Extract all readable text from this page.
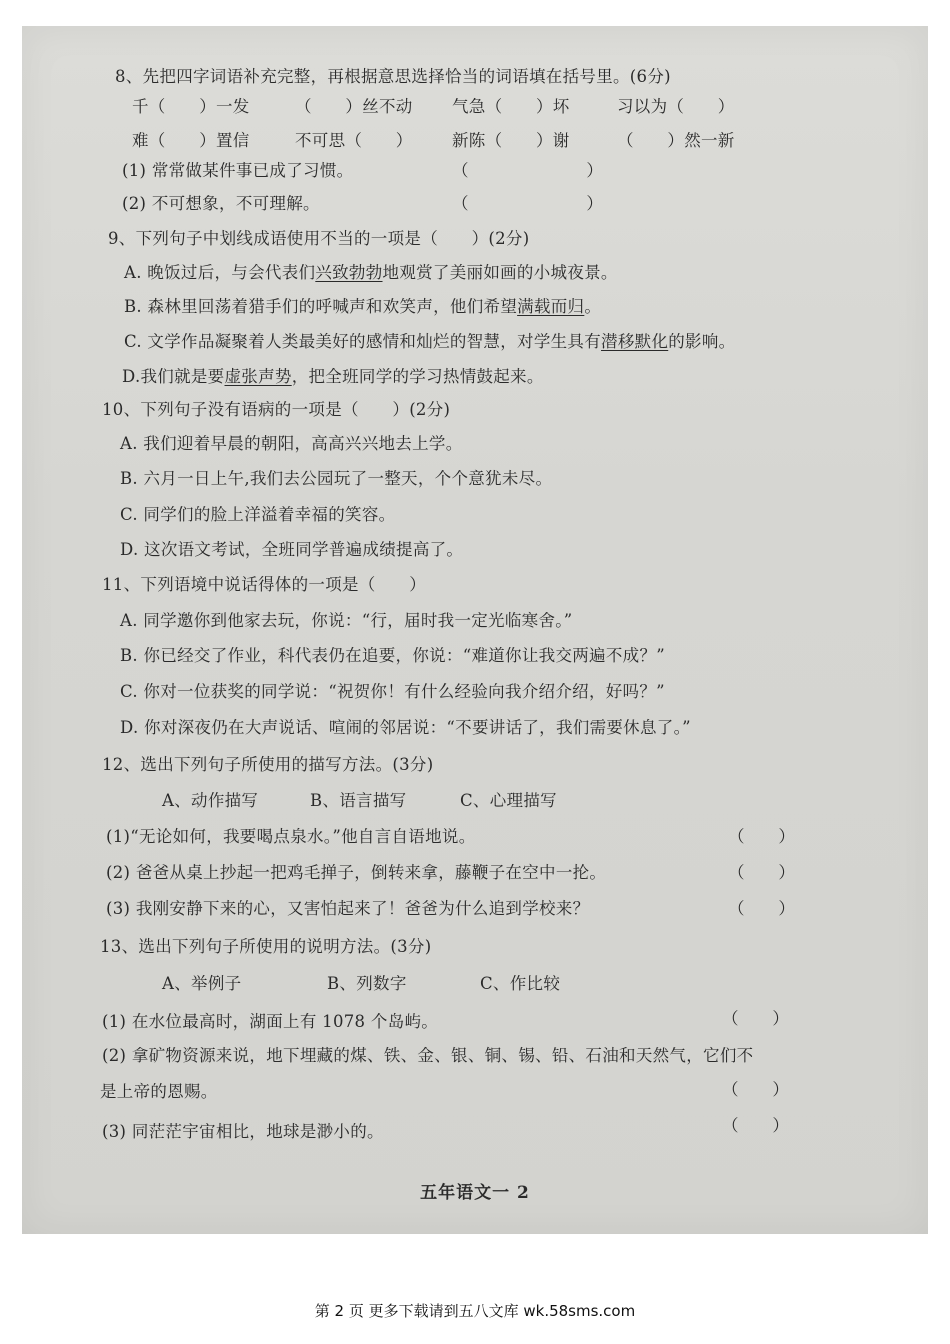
8、先把四字词语补充完整，再根据意思选择恰当的词语填在括号里。(6分)
千（　　）一发	（　　）丝不动 气急（　　）坏	习以为（　　）
难（　　）置信	不可思（　　） 新陈（　　）谢	（　　）然一新
(1) 常常做某件事已成了习惯。	（　　　　　　　）
(2) 不可想象，不可理解。	（　　　　　　　）
9、下列句子中划线成语使用不当的一项是（　　）(2分)
A. 晚饭过后，与会代表们兴致勃勃地观赏了美丽如画的小城夜景。
B. 森林里回荡着猎手们的呼喊声和欢笑声，他们希望满载而归。
C. 文学作品凝聚着人类最美好的感情和灿烂的智慧，对学生具有潜移默化的影响。
D.我们就是要虚张声势，把全班同学的学习热情鼓起来。
10、下列句子没有语病的一项是（　　）(2分)
A. 我们迎着早晨的朝阳，高高兴兴地去上学。
B. 六月一日上午,我们去公园玩了一整天，个个意犹未尽。
C. 同学们的脸上洋溢着幸福的笑容。
D. 这次语文考试，全班同学普遍成绩提高了。
11、下列语境中说话得体的一项是（　　）
A. 同学邀你到他家去玩，你说：“行，届时我一定光临寒舍。”
B. 你已经交了作业，科代表仍在追要，你说：“难道你让我交两遍不成？”
C. 你对一位获奖的同学说：“祝贺你！有什么经验向我介绍介绍，好吗？”
D. 你对深夜仍在大声说话、喧闹的邻居说：“不要讲话了，我们需要休息了。”
12、选出下列句子所使用的描写方法。(3分)
A、动作描写	B、语言描写	C、心理描写
(1)“无论如何，我要喝点泉水。”他自言自语地说。	（　　）
(2) 爸爸从桌上抄起一把鸡毛掸子，倒转来拿，藤鞭子在空中一抡。	（　　）
(3) 我刚安静下来的心，又害怕起来了！爸爸为什么追到学校来？	（　　）
13、选出下列句子所使用的说明方法。(3分)
A、举例子	B、列数字	C、作比较
(1) 在水位最高时，湖面上有 1078 个岛屿。	（　　）
(2) 拿矿物资源来说，地下埋藏的煤、铁、金、银、铜、锡、铅、石油和天然气，它们不
是上帝的恩赐。	（　　）
(3) 同茫茫宇宙相比，地球是渺小的。	（　　）
五年语文一 2
第 2 页 更多下载请到五八文库 wk.58sms.com
